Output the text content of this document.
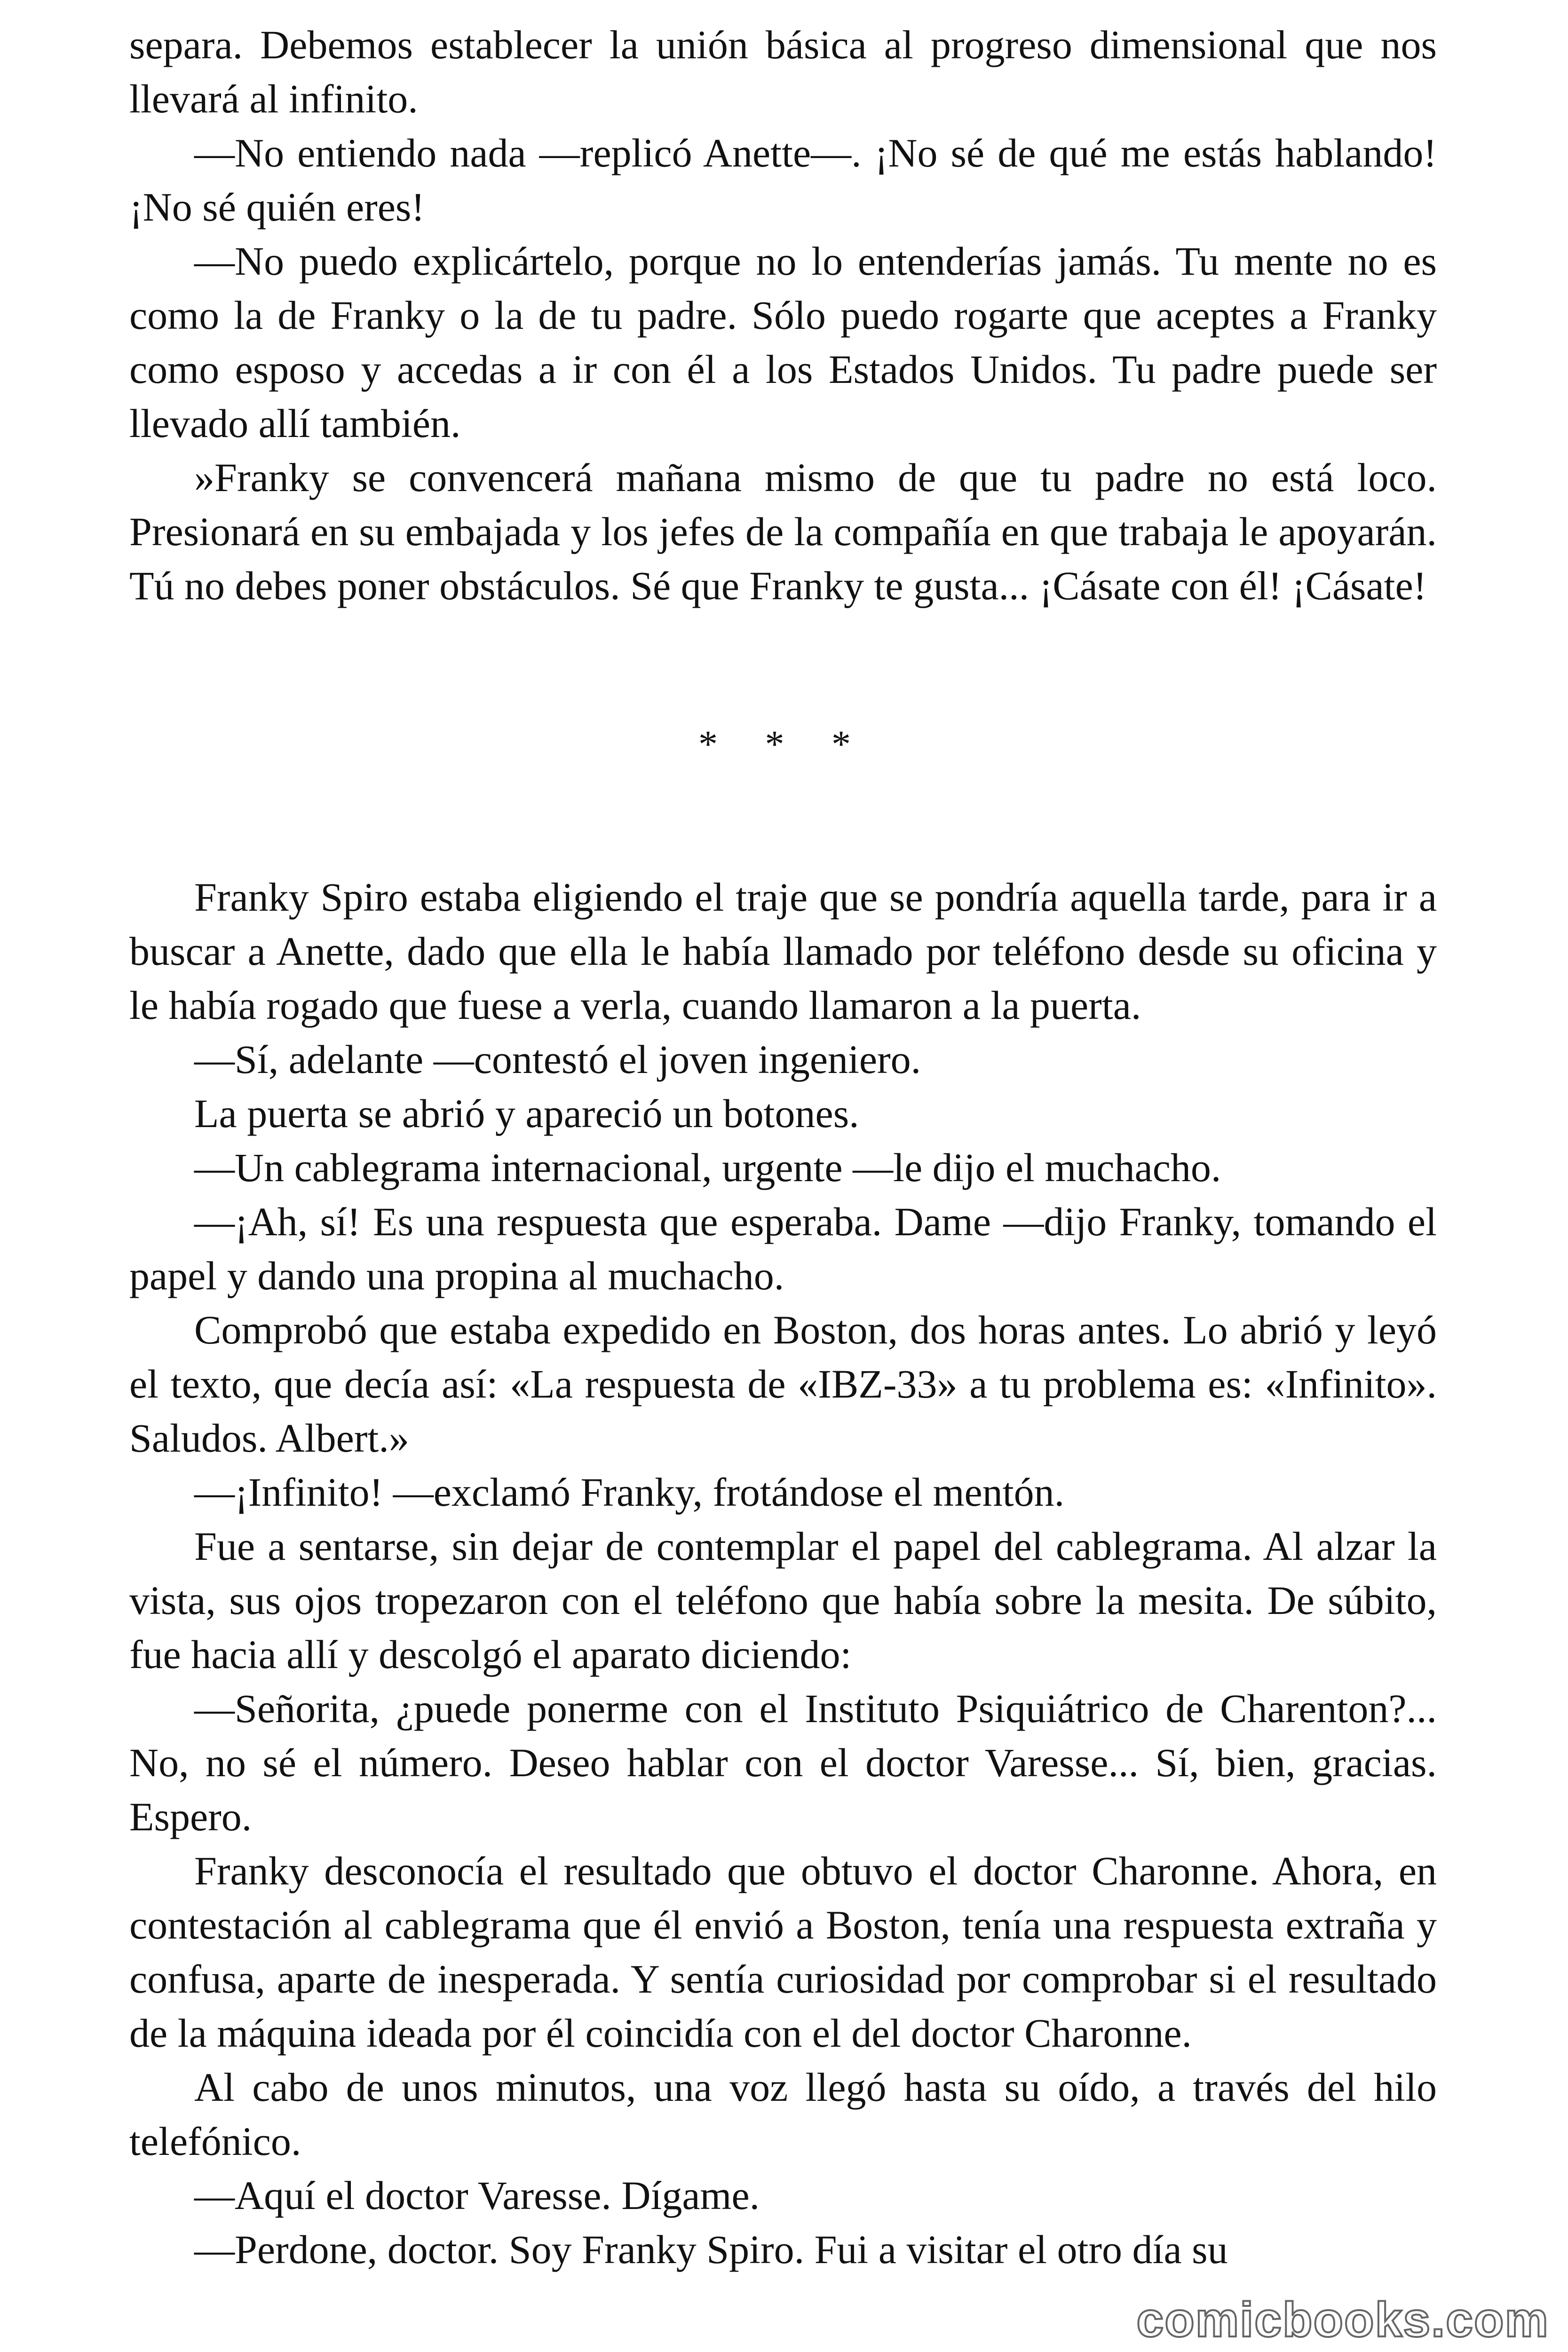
separa. Debemos establecer la unión básica al progreso dimensional que nos llevará al infinito.

—No entiendo nada —replicó Anette—. ¡No sé de qué me estás hablando! ¡No sé quién eres!

—No puedo explicártelo, porque no lo entenderías jamás. Tu mente no es como la de Franky o la de tu padre. Sólo puedo rogarte que aceptes a Franky como esposo y accedas a ir con él a los Estados Unidos. Tu padre puede ser llevado allí también.

»Franky se convencerá mañana mismo de que tu padre no está loco. Presionará en su embajada y los jefes de la compañía en que trabaja le apoyarán. Tú no debes poner obstáculos. Sé que Franky te gusta... ¡Cásate con él! ¡Cásate!

* * *

Franky Spiro estaba eligiendo el traje que se pondría aquella tarde, para ir a buscar a Anette, dado que ella le había llamado por teléfono desde su oficina y le había rogado que fuese a verla, cuando llamaron a la puerta.

—Sí, adelante —contestó el joven ingeniero.

La puerta se abrió y apareció un botones.

—Un cablegrama internacional, urgente —le dijo el muchacho.

—¡Ah, sí! Es una respuesta que esperaba. Dame —dijo Franky, tomando el papel y dando una propina al muchacho.

Comprobó que estaba expedido en Boston, dos horas antes. Lo abrió y leyó el texto, que decía así: «La respuesta de «IBZ-33» a tu problema es: «Infinito». Saludos. Albert.»

—¡Infinito! —exclamó Franky, frotándose el mentón.

Fue a sentarse, sin dejar de contemplar el papel del cablegrama. Al alzar la vista, sus ojos tropezaron con el teléfono que había sobre la mesita. De súbito, fue hacia allí y descolgó el aparato diciendo:

—Señorita, ¿puede ponerme con el Instituto Psiquiátrico de Charenton?... No, no sé el número. Deseo hablar con el doctor Varesse... Sí, bien, gracias. Espero.

Franky desconocía el resultado que obtuvo el doctor Charonne. Ahora, en contestación al cablegrama que él envió a Boston, tenía una respuesta extraña y confusa, aparte de inesperada. Y sentía curiosidad por comprobar si el resultado de la máquina ideada por él coincidía con el del doctor Charonne.

Al cabo de unos minutos, una voz llegó hasta su oído, a través del hilo telefónico.

—Aquí el doctor Varesse. Dígame.

—Perdone, doctor. Soy Franky Spiro. Fui a visitar el otro día su

comicbooks.com
